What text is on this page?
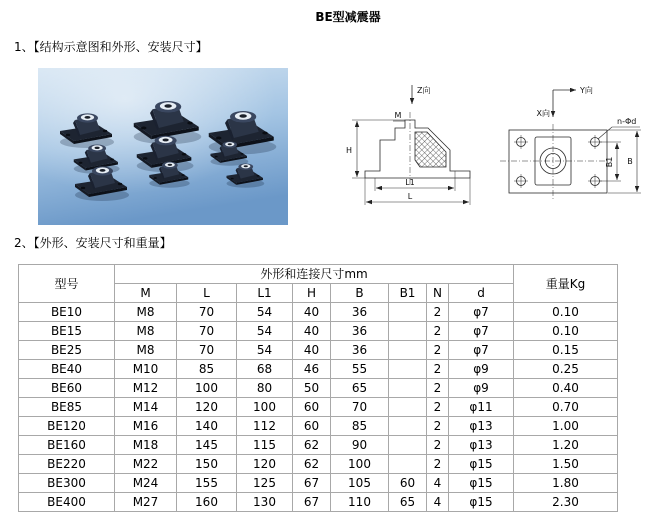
BE型减震器
1、【结构示意图和外形、安装尺寸】
Z向
M
H
L1
L
Y向
X向
n-Φd
B1 B
2、【外形、安装尺寸和重量】
型号	外形和连接尺寸mm								重量Kg
	M	L	L1	H	B	B1	N	d	
BE10	M8	70	54	40	36		2	φ7	0.10
BE15	M8	70	54	40	36		2	φ7	0.10
BE25	M8	70	54	40	36		2	φ7	0.15
BE40	M10	85	68	46	55		2	φ9	0.25
BE60	M12	100	80	50	65		2	φ9	0.40
BE85	M14	120	100	60	70		2	φ11	0.70
BE120	M16	140	112	60	85		2	φ13	1.00
BE160	M18	145	115	62	90		2	φ13	1.20
BE220	M22	150	120	62	100		2	φ15	1.50
BE300	M24	155	125	67	105	60	4	φ15	1.80
BE400	M27	160	130	67	110	65	4	φ15	2.30
